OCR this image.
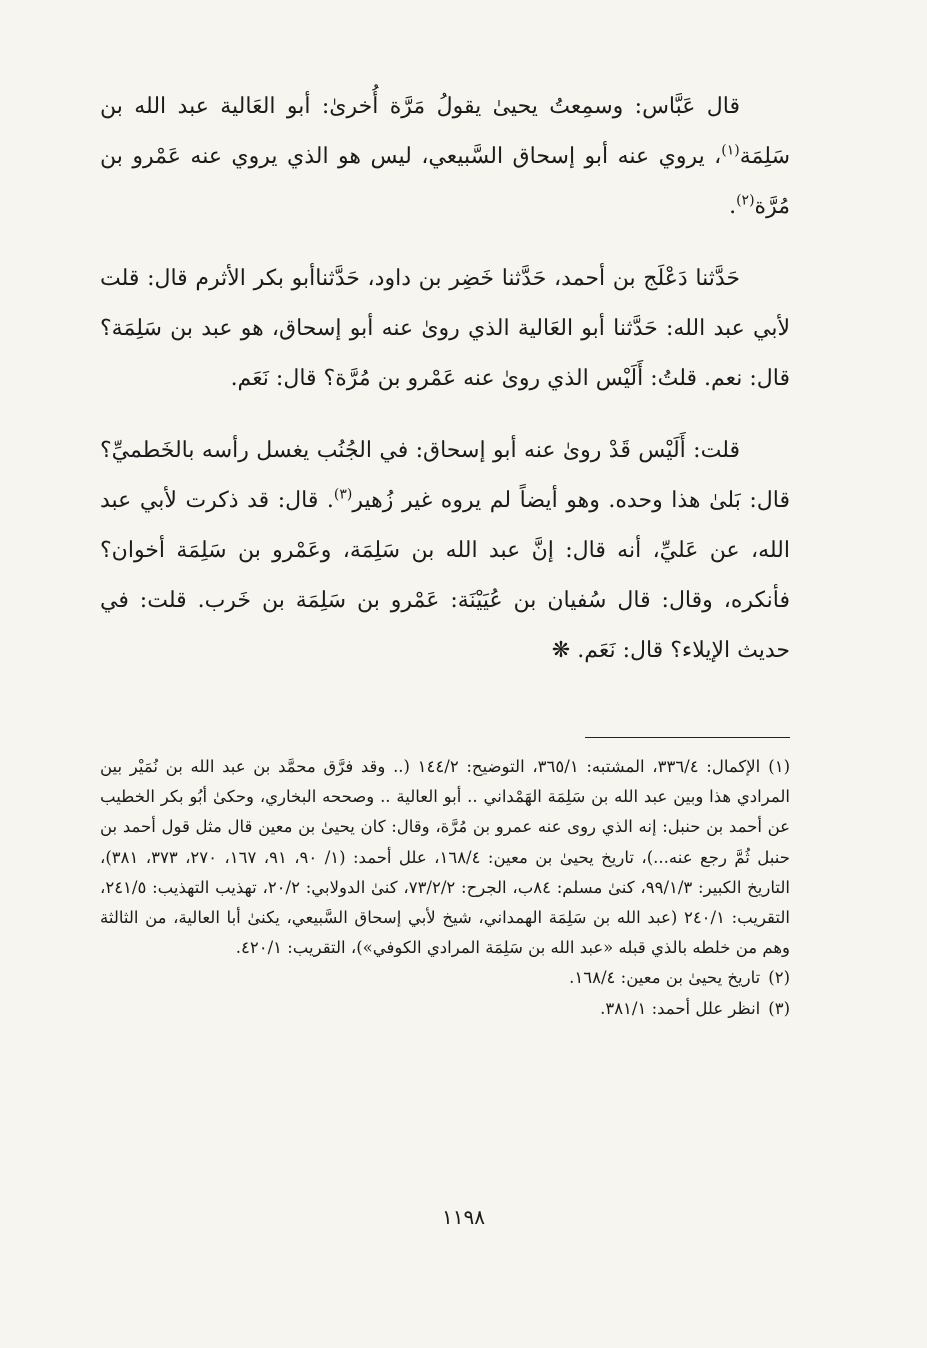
قال عَبَّاس: وسمِعتُ يحيىٰ يقولُ مَرَّة أُخرىٰ: أبو العَالية عبد الله بن سَلِمَة$^{(١)}$، يروي عنه أبو إسحاق السَّبيعي، ليس هو الذي يروي عنه عَمْرو بن مُرَّة$^{(٢)}$.

حَدَّثنا دَعْلَج بن أحمد، حَدَّثنا خَضِر بن داود، حَدَّثناأبو بكر الأثرم قال: قلت لأبي عبد الله: حَدَّثنا أبو العَالية الذي روىٰ عنه أبو إسحاق، هو عبد بن سَلِمَة؟ قال: نعم. قلتُ: أَلَيْس الذي روىٰ عنه عَمْرو بن مُرَّة؟ قال: نَعَم.

قلت: أَلَيْس قَدْ روىٰ عنه أبو إسحاق: في الجُنُب يغسل رأسه بالخَطميِّ؟ قال: بَلىٰ هذا وحده. وهو أيضاً لم يروه غير زُهير$^{(٣)}$. قال: قد ذكرت لأبي عبد الله، عن عَليِّ، أنه قال: إنَّ عبد الله بن سَلِمَة، وعَمْرو بن سَلِمَة أخوان؟ فأنكره، وقال: قال سُفيان بن عُيَيْنَة: عَمْرو بن سَلِمَة بن خَرب. قلت: في حديث الإيلاء؟ قال: نَعَم. ❋

(١)الإكمال: ٣٣٦/٤، المشتبه: ٣٦٥/١، التوضيح: ١٤٤/٢ (.. وقد فرَّق محمَّد بن عبد الله بن نُمَيْر بين المرادي هذا وبين عبد الله بن سَلِمَة الهَمْداني .. أبو العالية .. وصححه البخاري، وحكىٰ أبُو بكر الخطيب عن أحمد بن حنبل: إنه الذي روى عنه عمرو بن مُرَّة، وقال: كان يحيىٰ بن معين قال مثل قول أحمد بن حنبل ثُمَّ رجع عنه...)، تاريخ يحيىٰ بن معين: ١٦٨/٤، علل أحمد: (١/ ٩٠، ٩١، ١٦٧، ٢٧٠، ٣٧٣، ٣٨١)، التاريخ الكبير: ٩٩/١/٣، كنىٰ مسلم: ٨٤ب، الجرح: ٧٣/٢/٢، كنىٰ الدولابي: ٢٠/٢، تهذيب التهذيب: ٢٤١/٥، التقريب: ٢٤٠/١ (عبد الله بن سَلِمَة الهمداني، شيخ لأبي إسحاق السَّبيعي، يكنىٰ أبا العالية، من الثالثة وهم من خلطه بالذي قبله «عبد الله بن سَلِمَة المرادي الكوفي»)، التقريب: ٤٢٠/١.

(٢)تاريخ يحيىٰ بن معين: ١٦٨/٤.

(٣)انظر علل أحمد: ٣٨١/١.

١١٩٨
